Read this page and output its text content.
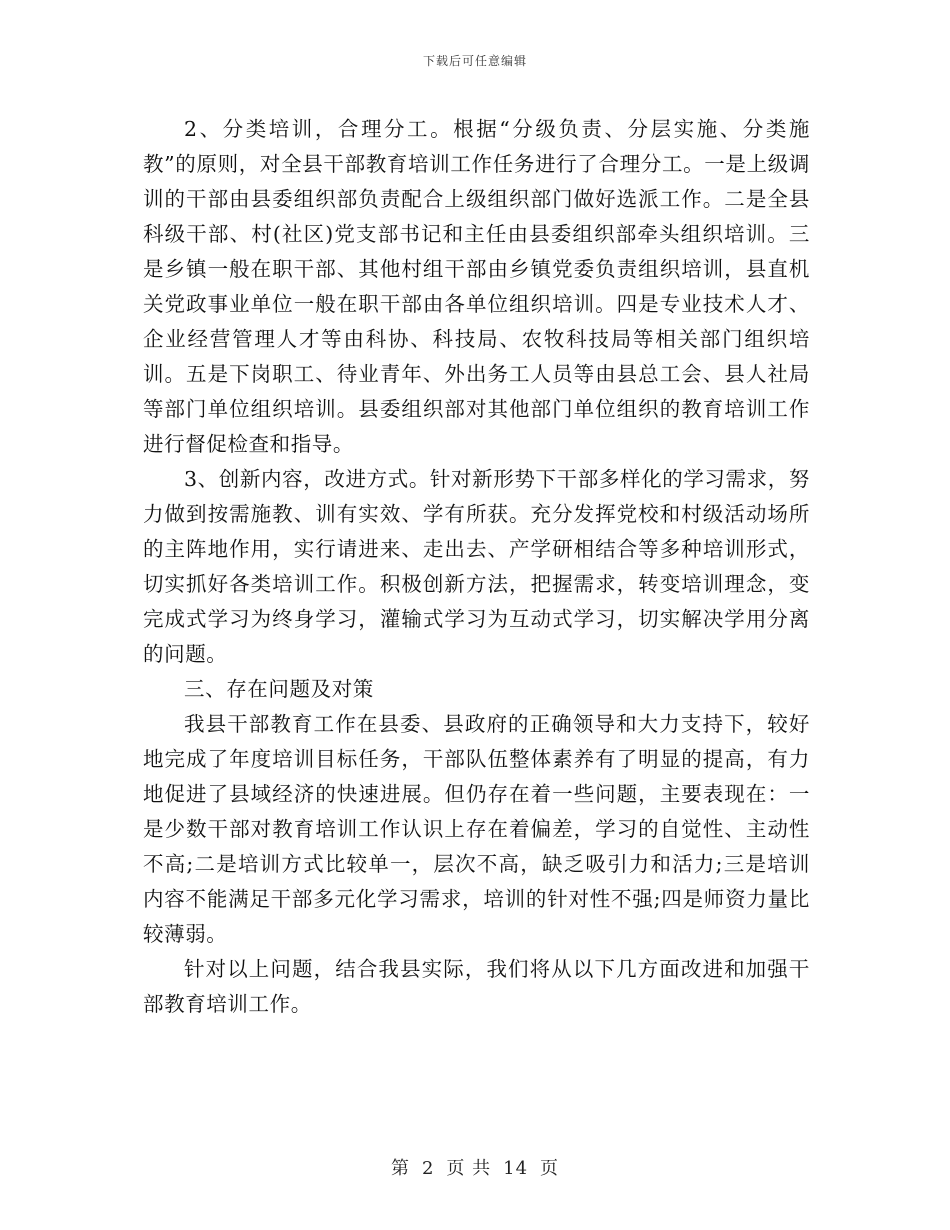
下载后可任意编辑

2、分类培训，合理分工。根据“分级负责、分层实施、分类施教”的原则，对全县干部教育培训工作任务进行了合理分工。一是上级调训的干部由县委组织部负责配合上级组织部门做好选派工作。二是全县科级干部、村(社区)党支部书记和主任由县委组织部牵头组织培训。三是乡镇一般在职干部、其他村组干部由乡镇党委负责组织培训，县直机关党政事业单位一般在职干部由各单位组织培训。四是专业技术人才、企业经营管理人才等由科协、科技局、农牧科技局等相关部门组织培训。五是下岗职工、待业青年、外出务工人员等由县总工会、县人社局等部门单位组织培训。县委组织部对其他部门单位组织的教育培训工作进行督促检查和指导。

3、创新内容，改进方式。针对新形势下干部多样化的学习需求，努力做到按需施教、训有实效、学有所获。充分发挥党校和村级活动场所的主阵地作用，实行请进来、走出去、产学研相结合等多种培训形式，切实抓好各类培训工作。积极创新方法，把握需求，转变培训理念，变完成式学习为终身学习，灌输式学习为互动式学习，切实解决学用分离的问题。

三、存在问题及对策

我县干部教育工作在县委、县政府的正确领导和大力支持下，较好地完成了年度培训目标任务，干部队伍整体素养有了明显的提高，有力地促进了县域经济的快速进展。但仍存在着一些问题，主要表现在：一是少数干部对教育培训工作认识上存在着偏差，学习的自觉性、主动性不高;二是培训方式比较单一，层次不高，缺乏吸引力和活力;三是培训内容不能满足干部多元化学习需求，培训的针对性不强;四是师资力量比较薄弱。

针对以上问题，结合我县实际，我们将从以下几方面改进和加强干部教育培训工作。

第 2 页 共 14 页
